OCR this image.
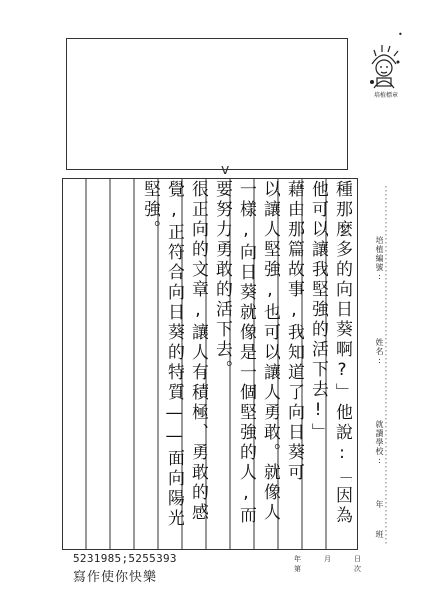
•
培植標章
v
種那麼多的向日葵啊?」他說:「因為
他可以讓我堅強的活下去!」
藉由那篇故事,我知道了向日葵可
以讓人堅強,也可以讓人勇敢。就像人
一樣,向日葵就像是一個堅強的人,而
要努力勇敢的活下去。
很正向的文章,讓人有積極、勇敢的感
覺,正符合向日葵的特質——面向陽光
堅強。
培植編號:
姓名:
就讀學校:
年
班
年	月	日
第	次
5231985;5255393
寫作使你快樂
